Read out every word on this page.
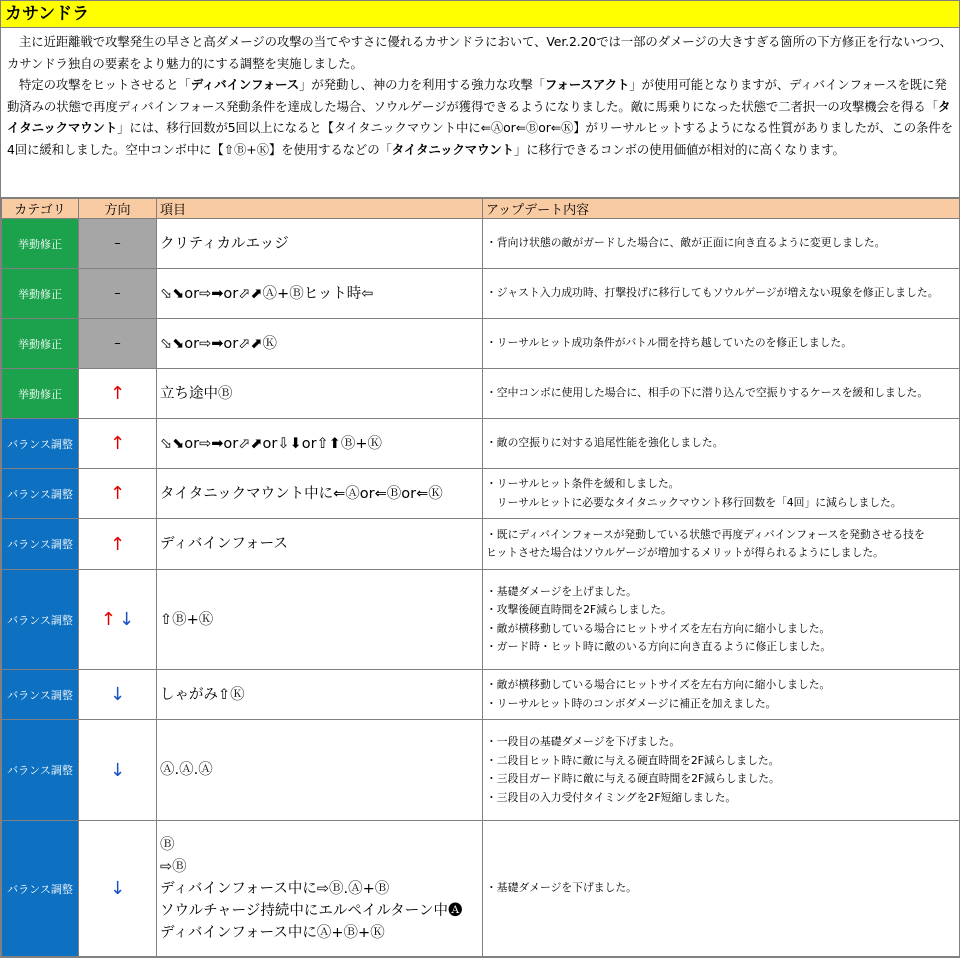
カサンドラ

主に近距離戦で攻撃発生の早さと高ダメージの攻撃の当てやすさに優れるカサンドラにおいて、Ver.2.20では一部のダメージの大きすぎる箇所の下方修正を行ないつつ、カサンドラ独自の要素をより魅力的にする調整を実施しました。

特定の攻撃をヒットさせると「ディバインフォース」が発動し、神の力を利用する強力な攻撃「フォースアクト」が使用可能となりますが、ディバインフォースを既に発動済みの状態で再度ディバインフォース発動条件を達成した場合、ソウルゲージが獲得できるようになりました。敵に馬乗りになった状態で二者択一の攻撃機会を得る「タイタニックマウント」には、移行回数が5回以上になると【タイタニックマウント中に⇐Ⓐor⇐Ⓑor⇐Ⓚ】がリーサルヒットするようになる性質がありましたが、この条件を4回に緩和しました。空中コンボ中に【⇧Ⓑ+Ⓚ】を使用するなどの「タイタニックマウント」に移行できるコンボの使用価値が相対的に高くなります。

カテゴリ	方向	項目	アップデート内容
挙動修正	–	クリティカルエッジ	・背向け状態の敵がガードした場合に、敵が正面に向き直るように変更しました。

挙動修正	–	⬂⬊or⇨➡or⬀⬈Ⓐ+Ⓑヒット時⇦	・ジャスト入力成功時、打撃投げに移行してもソウルゲージが増えない現象を修正しました。

挙動修正	–	⬂⬊or⇨➡or⬀⬈Ⓚ	・リーサルヒット成功条件がバトル間を持ち越していたのを修正しました。

挙動修正	↑	立ち途中Ⓑ	・空中コンボに使用した場合に、相手の下に潜り込んで空振りするケースを緩和しました。

バランス調整	↑	⬂⬊or⇨➡or⬀⬈or⇩⬇or⇧⬆Ⓑ+Ⓚ	・敵の空振りに対する追尾性能を強化しました。

バランス調整	↑	タイタニックマウント中に⇐Ⓐor⇐Ⓑor⇐Ⓚ	・リーサルヒット条件を緩和しました。
　リーサルヒットに必要なタイタニックマウント移行回数を「4回」に減らしました。

バランス調整	↑	ディバインフォース	・既にディバインフォースが発動している状態で再度ディバインフォースを発動させる技を
ヒットさせた場合はソウルゲージが増加するメリットが得られるようにしました。

バランス調整	↑ ↓	⇧Ⓑ+Ⓚ	・基礎ダメージを上げました。
・攻撃後硬直時間を2F減らしました。
・敵が横移動している場合にヒットサイズを左右方向に縮小しました。
・ガード時・ヒット時に敵のいる方向に向き直るように修正しました。

バランス調整	↓	しゃがみ⇧Ⓚ	・敵が横移動している場合にヒットサイズを左右方向に縮小しました。
・リーサルヒット時のコンボダメージに補正を加えました。

バランス調整	↓	Ⓐ.Ⓐ.Ⓐ	・一段目の基礎ダメージを下げました。
・二段目ヒット時に敵に与える硬直時間を2F減らしました。
・三段目ガード時に敵に与える硬直時間を2F減らしました。
・三段目の入力受付タイミングを2F短縮しました。

バランス調整	↓	Ⓑ
⇨Ⓑ
ディバインフォース中に⇨Ⓑ.Ⓐ+Ⓑ
ソウルチャージ持続中にエルペイルターン中🅐
ディバインフォース中にⒶ+Ⓑ+Ⓚ	・基礎ダメージを下げました。
